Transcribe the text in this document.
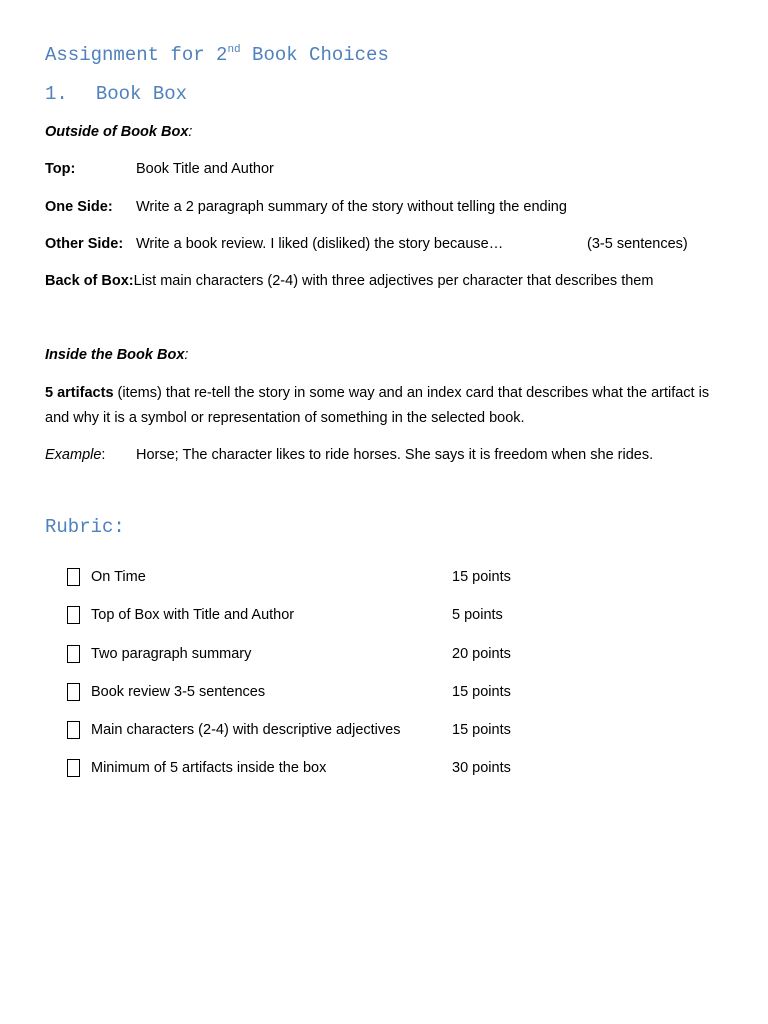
Assignment for 2nd Book Choices
1. Book Box

Outside of Book Box:

Top:	Book Title and Author

One Side: Write a 2 paragraph summary of the story without telling the ending

Other Side: Write a book review. I liked (disliked) the story because…	(3-5 sentences)

Back of Box:List main characters (2-4) with three adjectives per character that describes them

Inside the Book Box:

5 artifacts (items) that re-tell the story in some way and an index card that describes what the artifact is and why it is a symbol or representation of something in the selected book.

Example: Horse; The character likes to ride horses. She says it is freedom when she rides.

Rubric:
On Time	15 points
Top of Box with Title and Author	5 points
Two paragraph summary	20 points
Book review 3-5 sentences	15 points
Main characters (2-4) with descriptive adjectives	15 points
Minimum of 5 artifacts inside the box	30 points
